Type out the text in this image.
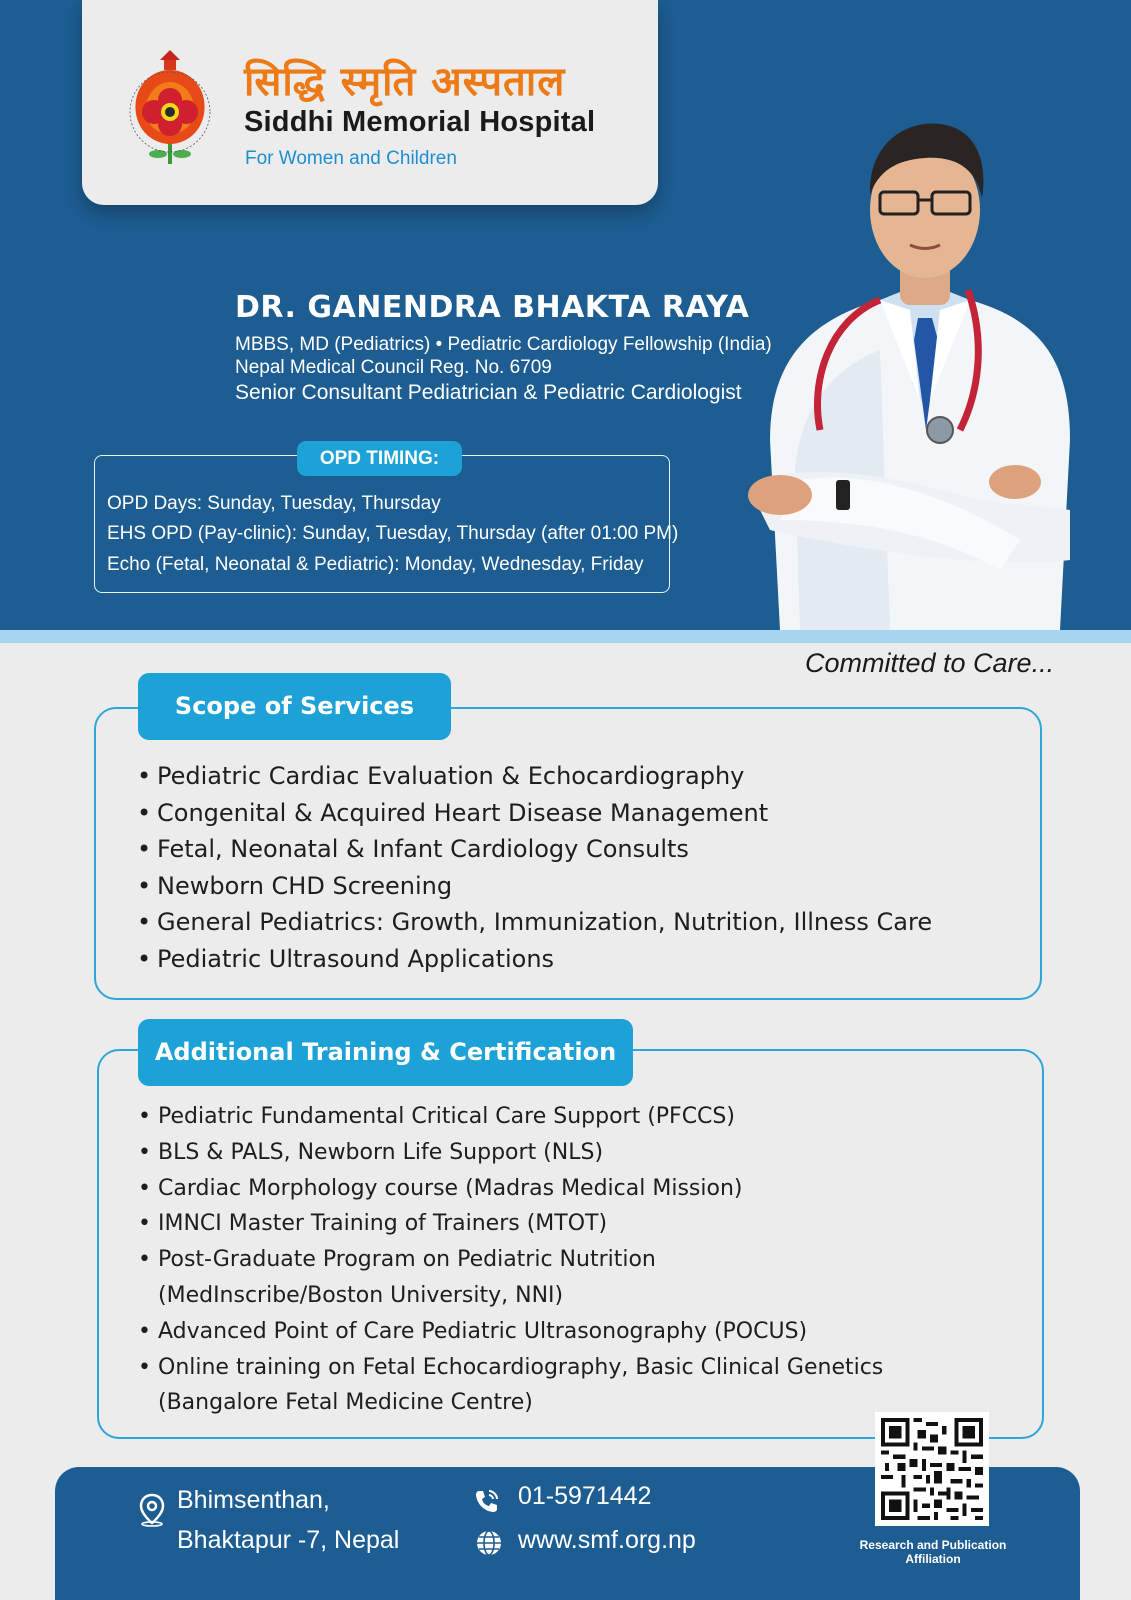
सिद्धि स्मृति अस्पताल
Siddhi Memorial Hospital
For Women and Children
DR. GANENDRA BHAKTA RAYA
MBBS, MD (Pediatrics) • Pediatric Cardiology Fellowship (India)
Nepal Medical Council Reg. No. 6709
Senior Consultant Pediatrician & Pediatric Cardiologist
OPD TIMING:
OPD Days: Sunday, Tuesday, Thursday
EHS OPD (Pay-clinic): Sunday, Tuesday, Thursday (after 01:00 PM)
Echo (Fetal, Neonatal & Pediatric): Monday, Wednesday, Friday
Committed to Care...
Scope of Services
• Pediatric Cardiac Evaluation & Echocardiography
• Congenital & Acquired Heart Disease Management
• Fetal, Neonatal & Infant Cardiology Consults
• Newborn CHD Screening
• General Pediatrics: Growth, Immunization, Nutrition, Illness Care
• Pediatric Ultrasound Applications
Additional Training & Certification
• Pediatric Fundamental Critical Care Support (PFCCS)
• BLS & PALS, Newborn Life Support (NLS)
• Cardiac Morphology course (Madras Medical Mission)
• IMNCI Master Training of Trainers (MTOT)
• Post-Graduate Program on Pediatric Nutrition
(MedInscribe/Boston University, NNI)
• Advanced Point of Care Pediatric Ultrasonography (POCUS)
• Online training on Fetal Echocardiography, Basic Clinical Genetics
(Bangalore Fetal Medicine Centre)
Bhimsenthan,
Bhaktapur -7, Nepal
01-5971442
www.smf.org.np	Research and Publication Affiliation
